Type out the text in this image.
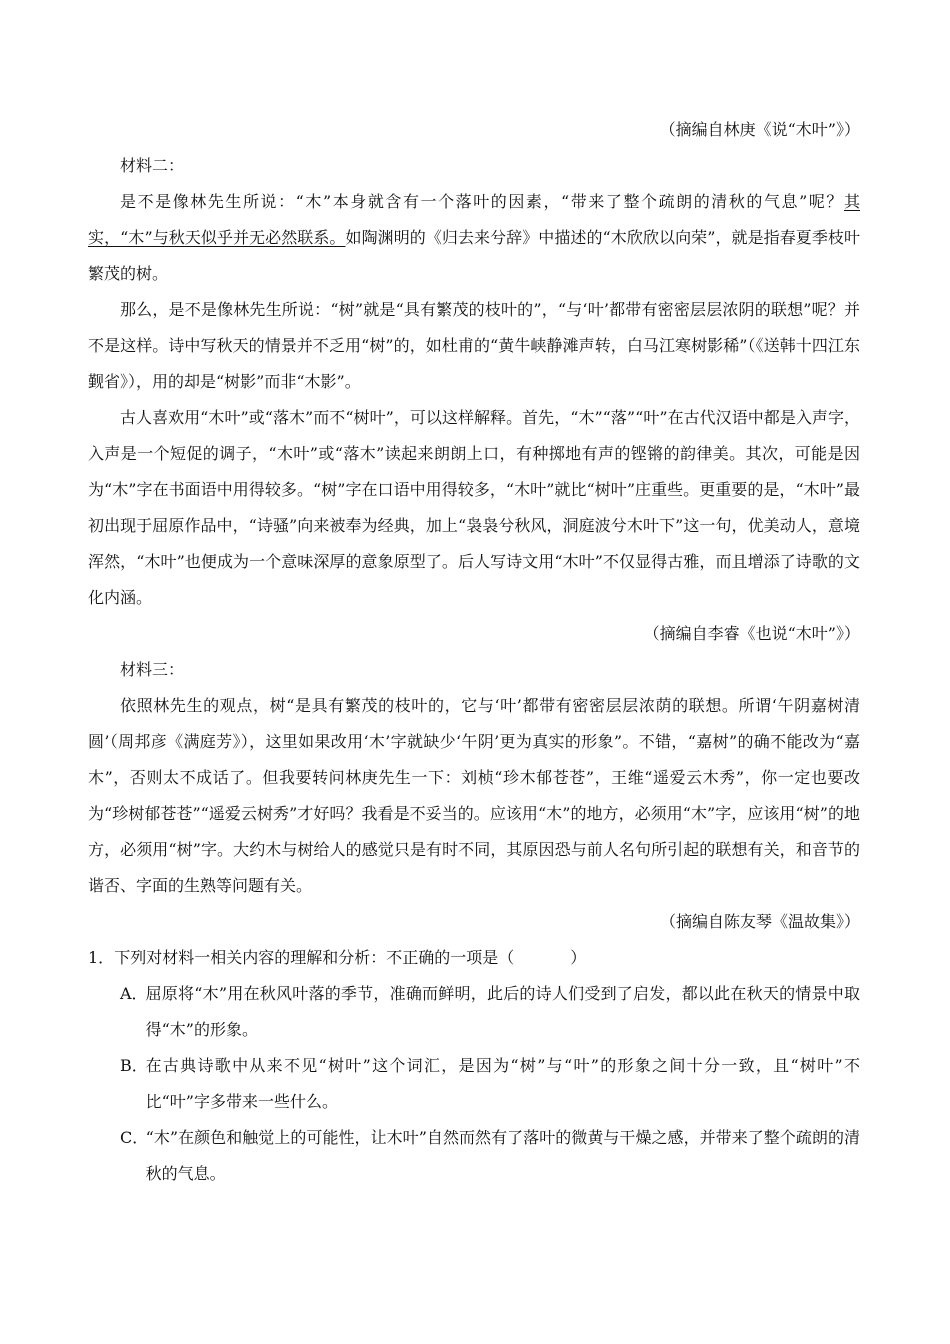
（摘编自林庚《说“木叶”》）

材料二：

是不是像林先生所说：“木”本身就含有一个落叶的因素，“带来了整个疏朗的清秋的气息”呢？其实，“木”与秋天似乎并无必然联系。如陶渊明的《归去来兮辞》中描述的“木欣欣以向荣”，就是指春夏季枝叶繁茂的树。

那么，是不是像林先生所说：“树”就是“具有繁茂的枝叶的”，“与‘叶’都带有密密层层浓阴的联想”呢？并不是这样。诗中写秋天的情景并不乏用“树”的，如杜甫的“黄牛峡静滩声转，白马江寒树影稀”（《送韩十四江东觐省》），用的却是“树影”而非“木影”。

古人喜欢用“木叶”或“落木”而不“树叶”，可以这样解释。首先，“木”“落”“叶”在古代汉语中都是入声字，入声是一个短促的调子，“木叶”或“落木”读起来朗朗上口，有种掷地有声的铿锵的韵律美。其次，可能是因为“木”字在书面语中用得较多。“树”字在口语中用得较多，“木叶”就比“树叶”庄重些。更重要的是，“木叶”最初出现于屈原作品中，“诗骚”向来被奉为经典，加上“袅袅兮秋风，洞庭波兮木叶下”这一句，优美动人，意境浑然，“木叶”也便成为一个意味深厚的意象原型了。后人写诗文用“木叶”不仅显得古雅，而且增添了诗歌的文化内涵。

（摘编自李睿《也说“木叶”》）

材料三：

依照林先生的观点，树“是具有繁茂的枝叶的，它与‘叶’都带有密密层层浓荫的联想。所谓‘午阴嘉树清圆’（周邦彦《满庭芳》），这里如果改用‘木’字就缺少‘午阴’更为真实的形象”。不错，“嘉树”的确不能改为“嘉木”，否则太不成话了。但我要转问林庚先生一下：刘桢“珍木郁苍苍”，王维“遥爱云木秀”，你一定也要改为“珍树郁苍苍”“遥爱云树秀”才好吗？我看是不妥当的。应该用“木”的地方，必须用“木”字，应该用“树”的地方，必须用“树”字。大约木与树给人的感觉只是有时不同，其原因恐与前人名句所引起的联想有关，和音节的谐否、字面的生熟等问题有关。

（摘编自陈友琴《温故集》）

1． 下列对材料一相关内容的理解和分析：不正确的一项是（	）
A．
屈原将“木”用在秋风叶落的季节，准确而鲜明，此后的诗人们受到了启发，都以此在秋天的情景中取得“木”的形象。
B．
在古典诗歌中从来不见“树叶”这个词汇，是因为“树”与“叶”的形象之间十分一致，且“树叶”不比“叶”字多带来一些什么。
C．
“木”在颜色和触觉上的可能性，让木叶”自然而然有了落叶的微黄与干燥之感，并带来了整个疏朗的清秋的气息。
